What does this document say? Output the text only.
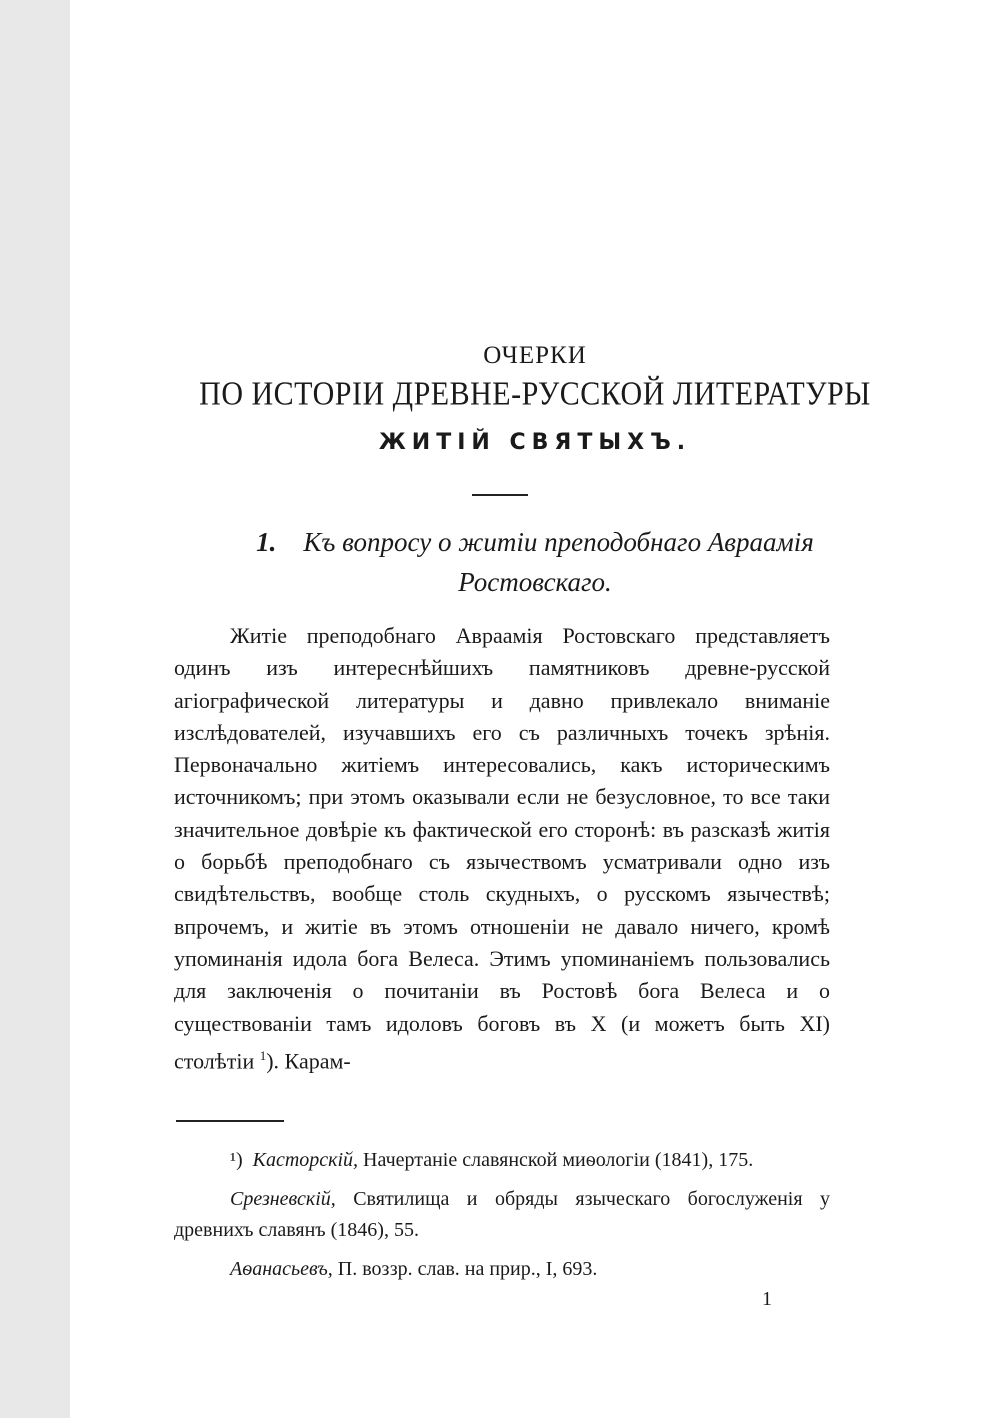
ОЧЕРКИ
ПО ИСТОРІИ ДРЕВНЕ-РУССКОЙ ЛИТЕРАТУРЫ
ЖИТІЙ СВЯТЫХЪ.
1. Къ вопросу о житіи преподобнаго Авраамія
Ростовскаго.
Житіе преподобнаго Авраамія Ростовскаго представляетъ одинъ изъ интереснѣйшихъ памятниковъ древне-русской агіографической литературы и давно привлекало вниманіе изслѣдователей, изучавшихъ его съ различныхъ точекъ зрѣнія. Первоначально житіемъ интересовались, какъ историческимъ источникомъ; при этомъ оказывали если не безусловное, то все таки значительное довѣріе къ фактической его сторонѣ: въ разсказѣ житія о борьбѣ преподобнаго съ язычествомъ усматривали одно изъ свидѣтельствъ, вообще столь скудныхъ, о русскомъ язычествѣ; впрочемъ, и житіе въ этомъ отношеніи не давало ничего, кромѣ упоминанія идола бога Велеса. Этимъ упоминаніемъ пользовались для заключенія о почитаніи въ Ростовѣ бога Велеса и о существованіи тамъ идоловъ боговъ въ X (и можетъ быть XI) столѣтіи $^1$). Карам-

¹) Касторскій, Начертаніе славянской миѳологіи (1841), 175.

Срезневскій, Святилища и обряды языческаго богослуженія у древнихъ славянъ (1846), 55.

Аѳанасьевъ, П. воззр. слав. на прир., I, 693.

1
